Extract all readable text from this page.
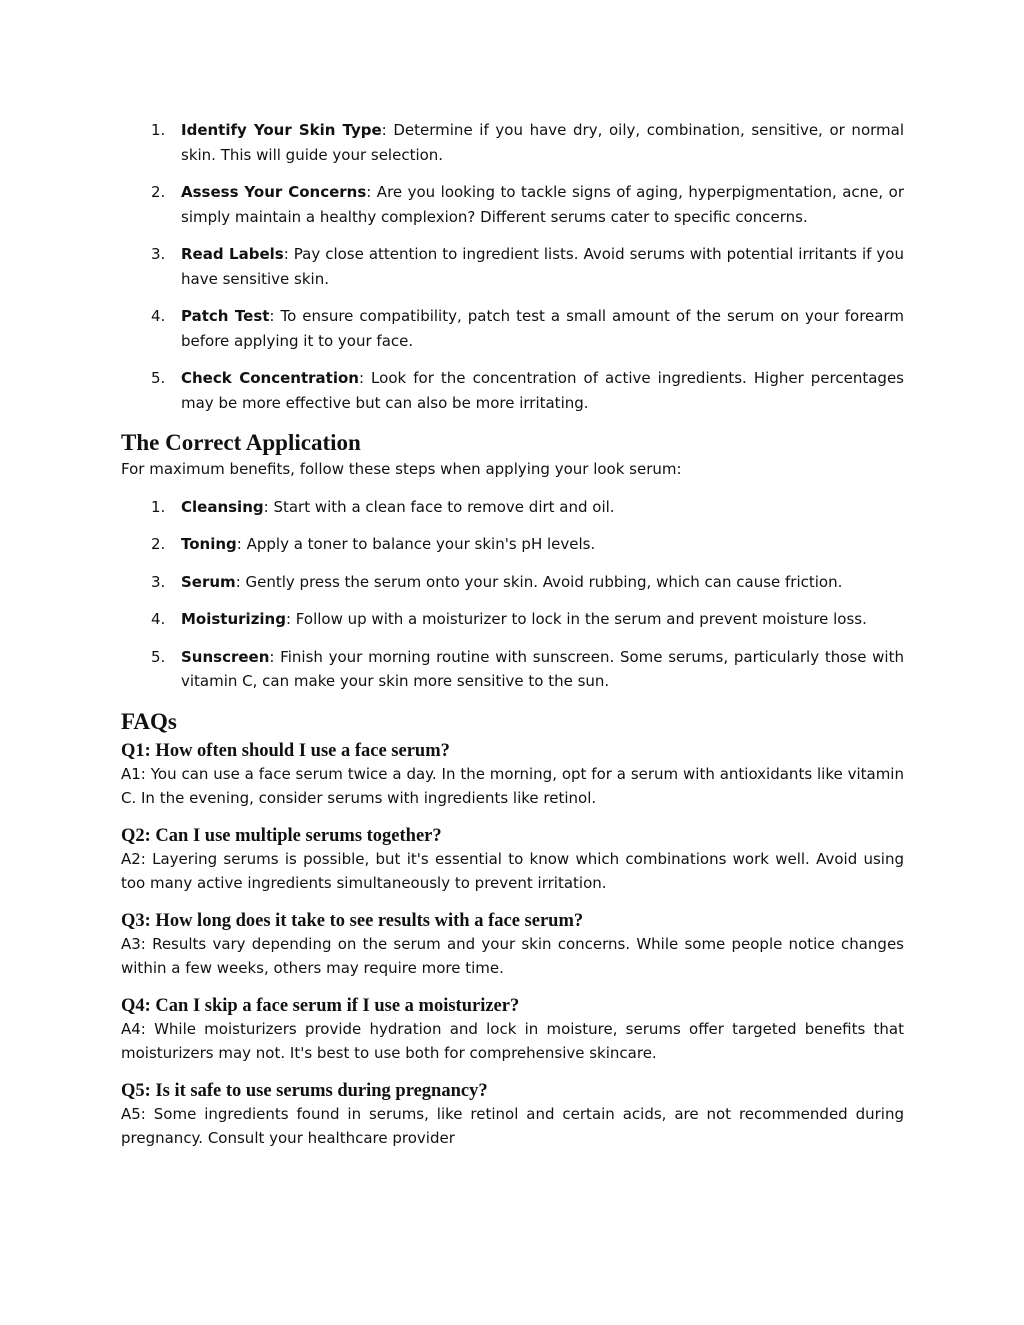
1. Identify Your Skin Type: Determine if you have dry, oily, combination, sensitive, or normal skin. This will guide your selection.
2. Assess Your Concerns: Are you looking to tackle signs of aging, hyperpigmentation, acne, or simply maintain a healthy complexion? Different serums cater to specific concerns.
3. Read Labels: Pay close attention to ingredient lists. Avoid serums with potential irritants if you have sensitive skin.
4. Patch Test: To ensure compatibility, patch test a small amount of the serum on your forearm before applying it to your face.
5. Check Concentration: Look for the concentration of active ingredients. Higher percentages may be more effective but can also be more irritating.
The Correct Application

For maximum benefits, follow these steps when applying your look serum:

1. Cleansing: Start with a clean face to remove dirt and oil.
2. Toning: Apply a toner to balance your skin's pH levels.
3. Serum: Gently press the serum onto your skin. Avoid rubbing, which can cause friction.
4. Moisturizing: Follow up with a moisturizer to lock in the serum and prevent moisture loss.
5. Sunscreen: Finish your morning routine with sunscreen. Some serums, particularly those with vitamin C, can make your skin more sensitive to the sun.
FAQs
Q1: How often should I use a face serum?

A1: You can use a face serum twice a day. In the morning, opt for a serum with antioxidants like vitamin C. In the evening, consider serums with ingredients like retinol.

Q2: Can I use multiple serums together?

A2: Layering serums is possible, but it's essential to know which combinations work well. Avoid using too many active ingredients simultaneously to prevent irritation.

Q3: How long does it take to see results with a face serum?

A3: Results vary depending on the serum and your skin concerns. While some people notice changes within a few weeks, others may require more time.

Q4: Can I skip a face serum if I use a moisturizer?

A4: While moisturizers provide hydration and lock in moisture, serums offer targeted benefits that moisturizers may not. It's best to use both for comprehensive skincare.

Q5: Is it safe to use serums during pregnancy?

A5: Some ingredients found in serums, like retinol and certain acids, are not recommended during pregnancy. Consult your healthcare provider
